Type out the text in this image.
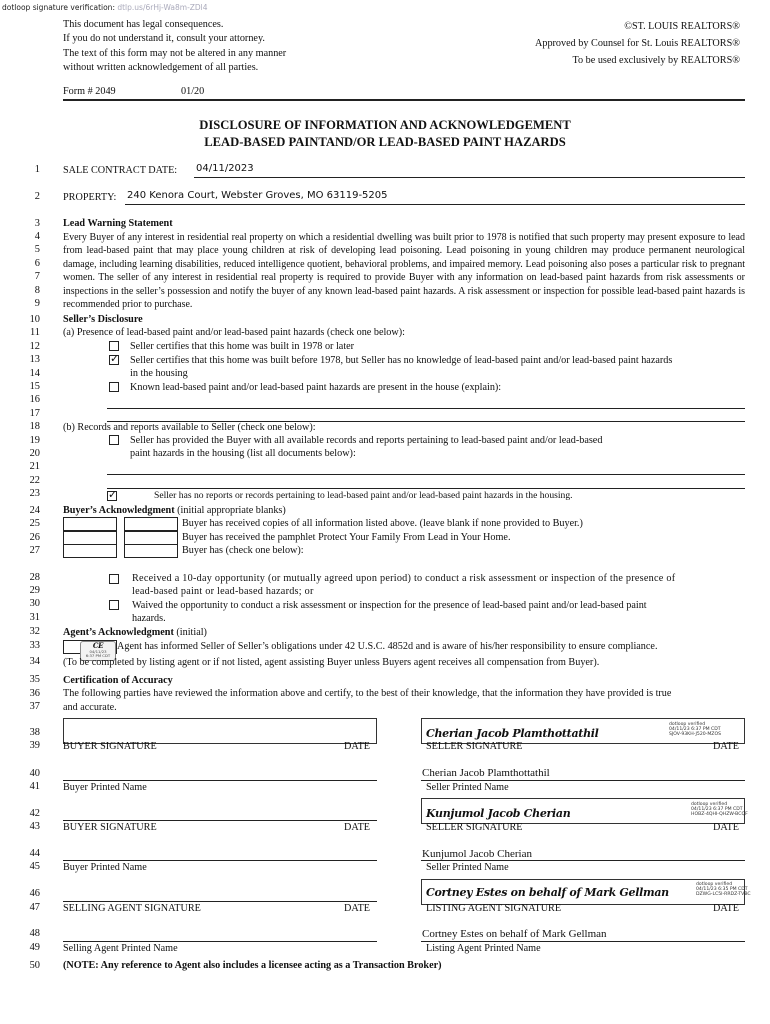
dotloop signature verification: dtlp.us/6rHj-Wa8m-ZDl4
This document has legal consequences.
If you do not understand it, consult your attorney.
The text of this form may not be altered in any manner
without written acknowledgement of all parties.
©ST. LOUIS REALTORS®
Approved by Counsel for St. Louis REALTORS®
To be used exclusively by REALTORS®
Form # 2049	01/20
DISCLOSURE OF INFORMATION AND ACKNOWLEDGEMENT
LEAD-BASED PAINTAND/OR LEAD-BASED PAINT HAZARDS
1
2
3
4
5
6
7
8
9
10
11
12
13
14
15
16
17
18
19
20
21
22
23
24
25
26
27
28
29
30
31
32
33
34
35
36
37
38
39
40
41
42
43
44
45
46
47
48
49
50
SALE CONTRACT DATE: 04/11/2023
PROPERTY: 240 Kenora Court, Webster Groves, MO 63119-5205
Lead Warning Statement
Every Buyer of any interest in residential real property on which a residential dwelling was built prior to 1978 is notified that such property may present exposure to lead from lead-based paint that may place young children at risk of developing lead poisoning. Lead poisoning in young children may produce permanent neurological damage, including learning disabilities, reduced intelligence quotient, behavioral problems, and impaired memory. Lead poisoning also poses a particular risk to pregnant women. The seller of any interest in residential real property is required to provide Buyer with any information on lead-based paint hazards from risk assessments or inspections in the seller’s possession and notify the buyer of any known lead-based paint hazards. A risk assessment or inspection for possible lead-based paint hazards is recommended prior to purchase.
Seller’s Disclosure
(a) Presence of lead-based paint and/or lead-based paint hazards (check one below):
Seller certifies that this home was built in 1978 or later
✓ Seller certifies that this home was built before 1978, but Seller has no knowledge of lead-based paint and/or lead-based paint hazards
in the housing
Known lead-based paint and/or lead-based paint hazards are present in the house (explain):
(b) Records and reports available to Seller (check one below):
Seller has provided the Buyer with all available records and reports pertaining to lead-based paint and/or lead-based
paint hazards in the housing (list all documents below):
✓	Seller has no reports or records pertaining to lead-based paint and/or lead-based paint hazards in the housing.
Buyer’s Acknowledgment (initial appropriate blanks)
Buyer has received copies of all information listed above. (leave blank if none provided to Buyer.)
Buyer has received the pamphlet Protect Your Family From Lead in Your Home.
Buyer has (check one below):
Received a 10-day opportunity (or mutually agreed upon period) to conduct a risk assessment or inspection of the presence of
lead-based paint or lead-based hazards; or
Waived the opportunity to conduct a risk assessment or inspection for the presence of lead-based paint and/or lead-based paint
hazards.
Agent’s Acknowledgment (initial)
CE
04/11/23
6:37 PM CDT
Agent has informed Seller of Seller’s obligations under 42 U.S.C. 4852d and is aware of his/her responsibility to ensure compliance.
(To be completed by listing agent or if not listed, agent assisting Buyer unless Buyers agent receives all compensation from Buyer).
Certification of Accuracy
The following parties have reviewed the information above and certify, to the best of their knowledge, that the information they have provided is true
and accurate.
BUYER SIGNATURE	DATE
Cherian Jacob Plamthottathil
dotloop verified
04/11/23 6:37 PM CDT
SJOV-93KH-J520-MZOS
SELLER SIGNATURE	DATE
Buyer Printed Name
Cherian Jacob Plamthottathil
Seller Printed Name
BUYER SIGNATURE	DATE
Kunjumol Jacob Cherian
dotloop verified
04/11/23 6:37 PM CDT
HOBZ-4QHI-QHZW-BCQF
SELLER SIGNATURE	DATE
Buyer Printed Name
Kunjumol Jacob Cherian
Seller Printed Name
SELLING AGENT SIGNATURE	DATE
Cortney Estes on behalf of Mark Gellman
dotloop verified
04/11/23 6:35 PM CDT
DZWG-LC5I-RRDZ-TVBC
LISTING AGENT SIGNATURE	DATE
Selling Agent Printed Name
Cortney Estes on behalf of Mark Gellman
Listing Agent Printed Name
(NOTE: Any reference to Agent also includes a licensee acting as a Transaction Broker)
